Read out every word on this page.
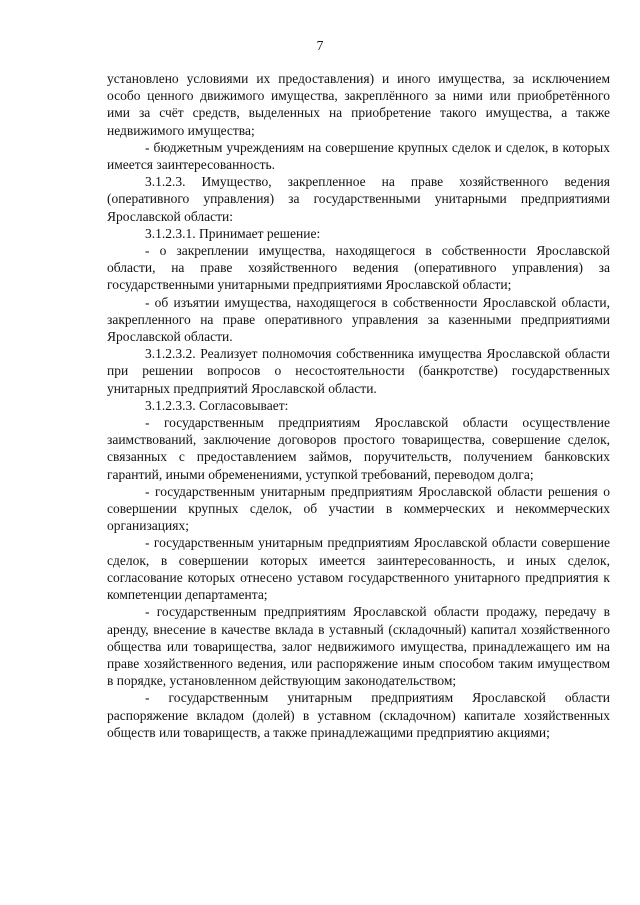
7

установлено условиями их предоставления) и иного имущества, за исключением особо ценного движимого имущества, закреплённого за ними или приобретённого ими за счёт средств, выделенных на приобретение такого имущества, а также недвижимого имущества;

- бюджетным учреждениям на совершение крупных сделок и сделок, в которых имеется заинтересованность.

3.1.2.3. Имущество, закрепленное на праве хозяйственного ведения (оперативного управления) за государственными унитарными предприятиями Ярославской области:

3.1.2.3.1. Принимает решение:

- о закреплении имущества, находящегося в собственности Ярославской области, на праве хозяйственного ведения (оперативного управления) за государственными унитарными предприятиями Ярославской области;

- об изъятии имущества, находящегося в собственности Ярославской области, закрепленного на праве оперативного управления за казенными предприятиями Ярославской области.

3.1.2.3.2. Реализует полномочия собственника имущества Ярославской области при решении вопросов о несостоятельности (банкротстве) государственных унитарных предприятий Ярославской области.

3.1.2.3.3. Согласовывает:

- государственным предприятиям Ярославской области осуществление заимствований, заключение договоров простого товарищества, совершение сделок, связанных с предоставлением займов, поручительств, получением банковских гарантий, иными обременениями, уступкой требований, переводом долга;

- государственным унитарным предприятиям Ярославской области решения о совершении крупных сделок, об участии в коммерческих и некоммерческих организациях;

- государственным унитарным предприятиям Ярославской области совершение сделок, в совершении которых имеется заинтересованность, и иных сделок, согласование которых отнесено уставом государственного унитарного предприятия к компетенции департамента;

- государственным предприятиям Ярославской области продажу, передачу в аренду, внесение в качестве вклада в уставный (складочный) капитал хозяйственного общества или товарищества, залог недвижимого имущества, принадлежащего им на праве хозяйственного ведения, или распоряжение иным способом таким имуществом в порядке, установленном действующим законодательством;

- государственным унитарным предприятиям Ярославской области распоряжение вкладом (долей) в уставном (складочном) капитале хозяйственных обществ или товариществ, а также принадлежащими предприятию акциями;
